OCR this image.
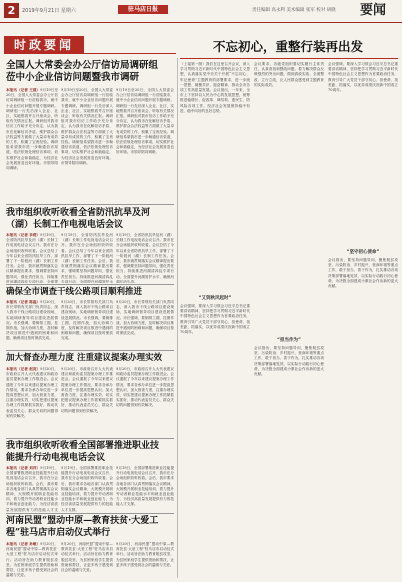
2	2019年9月21日 星期六	驻马店日报	责任编辑 高永利 美术编辑 张军 校对 胡晓 要闻
时政要闻	不忘初心，重整行装再出发
（上接第一版）我们在这里召开会议，深入学习贯彻习近平新时代中国特色社会主义思想，认真落实党中央关于开展“不忘初心、牢记使命”主题教育的部署要求，进一步统一思想、凝聚共识、振奋精神，推动全市各项工作高质量发展。会议指出，一年来，全市上下坚持以人民为中心的发展思想，统筹推进稳增长、促改革、调结构、惠民生、防风险各项工作，经济社会发展保持稳中有进、稳中向好的良好态势。
“又到秋风起时”
会议强调，要深入学习领会习近平总书记重要讲话精神，坚持把学习贯彻习近平新时代中国特色社会主义思想作为首要政治任务，教育引导广大党员干部守初心、担使命、找差距、抓落实，以优异成绩庆祝新中国成立70周年。
会议要求，各级党组织要切实履行主体责任，认真查找和整改问题，着力解决群众反映强烈的突出问题，做到真改实改、全面整改、立行立改，让人民群众感受到主题教育的实际成效。
“担当作为”
会议指出，要坚持问题导向，聚焦脱贫攻坚、污染防治、乡村振兴、营商环境等重点工作，敢于担当、善于作为，扎实推动各项决策部署落地见效，以实际行动践行初心使命，为决胜全面建成小康社会作出新的更大贡献。
会议强调，要深入学习领会习近平总书记重要讲话精神，坚持把学习贯彻习近平新时代中国特色社会主义思想作为首要政治任务，教育引导广大党员干部守初心、担使命、找差距、抓落实，以优异成绩庆祝新中国成立70周年。
“坚守初心使命”
会议指出，要坚持问题导向，聚焦脱贫攻坚、污染防治、乡村振兴、营商环境等重点工作，敢于担当、善于作为，扎实推动各项决策部署落地见效，以实际行动践行初心使命，为决胜全面建成小康社会作出新的更大贡献。
全国人大常委会办公厅信访局调研组莅中小企业信访问题暨我市调研
本报讯（记者 王晨）9月19日至20日，全国人大常委会办公厅信访局调研组一行莅临我市，就中小企业信访问题开展专题调研。调研组一行先后深入企业、社区，实地察看并召开座谈会，听取有关情况汇报。调研组对我市信访工作给予充分肯定，认为我市在化解信访矛盾、维护群众合法权益等方面做了大量卓有成效的工作，积累了宝贵经验。调研组希望我市进一步畅通信访渠道，依法依规处理信访事项，切实维护社会和谐稳定，为经济社会发展营造良好环境。市领导陪同调研。
9月19日至20日，全国人大常委会办公厅信访局调研组一行莅临我市，就中小企业信访问题开展专题调研。调研组一行先后深入企业、社区，实地察看并召开座谈会，听取有关情况汇报。调研组对我市信访工作给予充分肯定，认为我市在化解信访矛盾、维护群众合法权益等方面做了大量卓有成效的工作，积累了宝贵经验。调研组希望我市进一步畅通信访渠道，依法依规处理信访事项，切实维护社会和谐稳定，为经济社会发展营造良好环境。市领导陪同调研。
9月19日至20日，全国人大常委会办公厅信访局调研组一行莅临我市，就中小企业信访问题开展专题调研。调研组一行先后深入企业、社区，实地察看并召开座谈会，听取有关情况汇报。调研组对我市信访工作给予充分肯定，认为我市在化解信访矛盾、维护群众合法权益等方面做了大量卓有成效的工作，积累了宝贵经验。调研组希望我市进一步畅通信访渠道，依法依规处理信访事项，切实维护社会和谐稳定，为经济社会发展营造良好环境。市领导陪同调研。
我市组织收听收看全省防汛抗旱及河（湖）长制工作电视电话会议
本报讯（记者 李莉）9月19日，全省防汛抗旱及河（湖）长制工作电视电话会议召开。我市在分会场组织收听收看。会议总结了今年以来全省防汛抗旱工作，部署了下一阶段河（湖）长制工作任务。会后，我市就贯彻落实会议精神提出要求，强调要坚持问题导向，强化责任担当，持续推进河湖清四乱专项行动，全面提
9月19日，全省防汛抗旱及河（湖）长制工作电视电话会议召开。我市在分会场组织收听收看。会议总结了今年以来全省防汛抗旱工作，部署了下一阶段河（湖）长制工作任务。会后，我市就贯彻落实会议精神提出要求，强调要坚持问题导向，强化责任担当，持续推进河湖清四乱专项行动，全面提升河湖管护水
9月19日，全省防汛抗旱及河（湖）长制工作电视电话会议召开。我市在分会场组织收听收看。会议总结了今年以来全省防汛抗旱工作，部署了下一阶段河（湖）长制工作任务。会后，我市就贯彻落实会议精神提出要求，强调要坚持问题导向，强化责任担当，持续推进河湖清四乱专项行动，全面提升河湖管护水平，确保河湖长治久清。
确保全市调查干线公路项目顺利推进
本报讯（记者 陈磊）9月20日，市长带领有关部门负责同志，深入我市干线公路项目建设现场，实地调研督导项目建设进展情况。市长强调，要倒排工期，挂图作战，加大协调力度，及时解决项目推进中遇到的困难和问题，确保项目按时保质完成。
9月20日，市长带领有关部门负责同志，深入我市干线公路项目建设现场，实地调研督导项目建设进展情况。市长强调，要倒排工期，挂图作战，加大协调力度，及时解决项目推进中遇到的困难和问题，确保项目按时保质完成。
9月20日，市长带领有关部门负责同志，深入我市干线公路项目建设现场，实地调研督导项目建设进展情况。市长强调，要倒排工期，挂图作战，加大协调力度，及时解决项目推进中遇到的困难和问题，确保项目按时保质完成。
加大督查办理力度 注重建议提案办理实效
本报讯（记者 赵亮）9月20日，市政府召开人大代表建议和政协委员提案办理工作推进会。会议通报了今年以来建议提案办理工作情况，要求各承办单位进一步提高思想认识，加大督查力度，注重办理实效，切实把建议提案办理工作抓紧抓实抓好，推动代表委员关心、群众关切的问题得到有效解决。
9月20日，市政府召开人大代表建议和政协委员提案办理工作推进会。会议通报了今年以来建议提案办理工作情况，要求各承办单位进一步提高思想认识，加大督查力度，注重办理实效，切实把建议提案办理工作抓紧抓实抓好，推动代表委员关心、群众关切的问题得到有效解决。
9月20日，市政府召开人大代表建议和政协委员提案办理工作推进会。会议通报了今年以来建议提案办理工作情况，要求各承办单位进一步提高思想认识，加大督查力度，注重办理实效，切实把建议提案办理工作抓紧抓实抓好，推动代表委员关心、群众关切的问题得到有效解决。
我市组织收听收看全国部署推进职业技能提升行动电视电话会议
本报讯（记者 刘洋）9月19日，全国部署推进职业技能提升行动电视电话会议召开，我市在分会场组织收听收看。会后，我市要求各地各部门认真贯彻落实会议精神，大规模开展职业技能培训，着力提升劳动者职业技能水平和就业创业能力，为经济高质量发展提供有力的技能人才支
9月19日，全国部署推进职业技能提升行动电视电话会议召开，我市在分会场组织收听收看。会后，我市要求各地各部门认真贯彻落实会议精神，大规模开展职业技能培训，着力提升劳动者职业技能水平和就业创业能力，为经济高质量发展提供有力的技能人才支撑。
9月19日，全国部署推进职业技能提升行动电视电话会议召开，我市在分会场组织收听收看。会后，我市要求各地各部门认真贯彻落实会议精神，大规模开展职业技能培训，着力提升劳动者职业技能水平和就业创业能力，为经济高质量发展提供有力的技能人才支撑。
河南民盟“盟动中原—教育扶贫·大爱工程”驻马店市启动仪式举行
本报讯（记者 孙敏）9月20日，河南民盟“盟动中原—教育扶贫·大爱工程”驻马店市启动仪式举行。活动旨在助力教育脱贫攻坚，为贫困家庭学生提供资助和帮扶，让更多孩子感受到社会的温暖与关爱。
9月20日，河南民盟“盟动中原—教育扶贫·大爱工程”驻马店市启动仪式举行。活动旨在助力教育脱贫攻坚，为贫困家庭学生提供资助和帮扶，让更多孩子感受到社会的温暖与关爱。
9月20日，河南民盟“盟动中原—教育扶贫·大爱工程”驻马店市启动仪式举行。活动旨在助力教育脱贫攻坚，为贫困家庭学生提供资助和帮扶，让更多孩子感受到社会的温暖与关爱。
